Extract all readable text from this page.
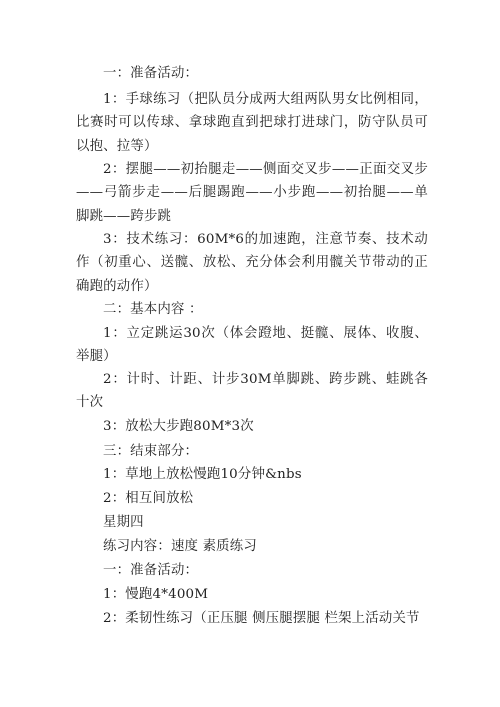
一：准备活动：

1：手球练习（把队员分成两大组两队男女比例相同，比赛时可以传球、拿球跑直到把球打进球门，防守队员可以抱、拉等）

2：摆腿——初抬腿走——侧面交叉步——正面交叉步——弓箭步走——后腿踢跑——小步跑——初抬腿——单脚跳——跨步跳

3：技术练习：60M*6的加速跑，注意节奏、技术动作（初重心、送髋、放松、充分体会利用髋关节带动的正确跑的动作）

二：基本内容 ：

1：立定跳运30次（体会蹬地、挺髋、展体、收腹、举腿）

2：计时、计距、计步30M单脚跳、跨步跳、蛙跳各十次

3：放松大步跑80M*3次

三：结束部分：

1：草地上放松慢跑10分钟&nbs

2：相互间放松

星期四

练习内容：速度 素质练习

一：准备活动：

1：慢跑4*400M

2：柔韧性练习（正压腿 侧压腿摆腿 栏架上活动关节
